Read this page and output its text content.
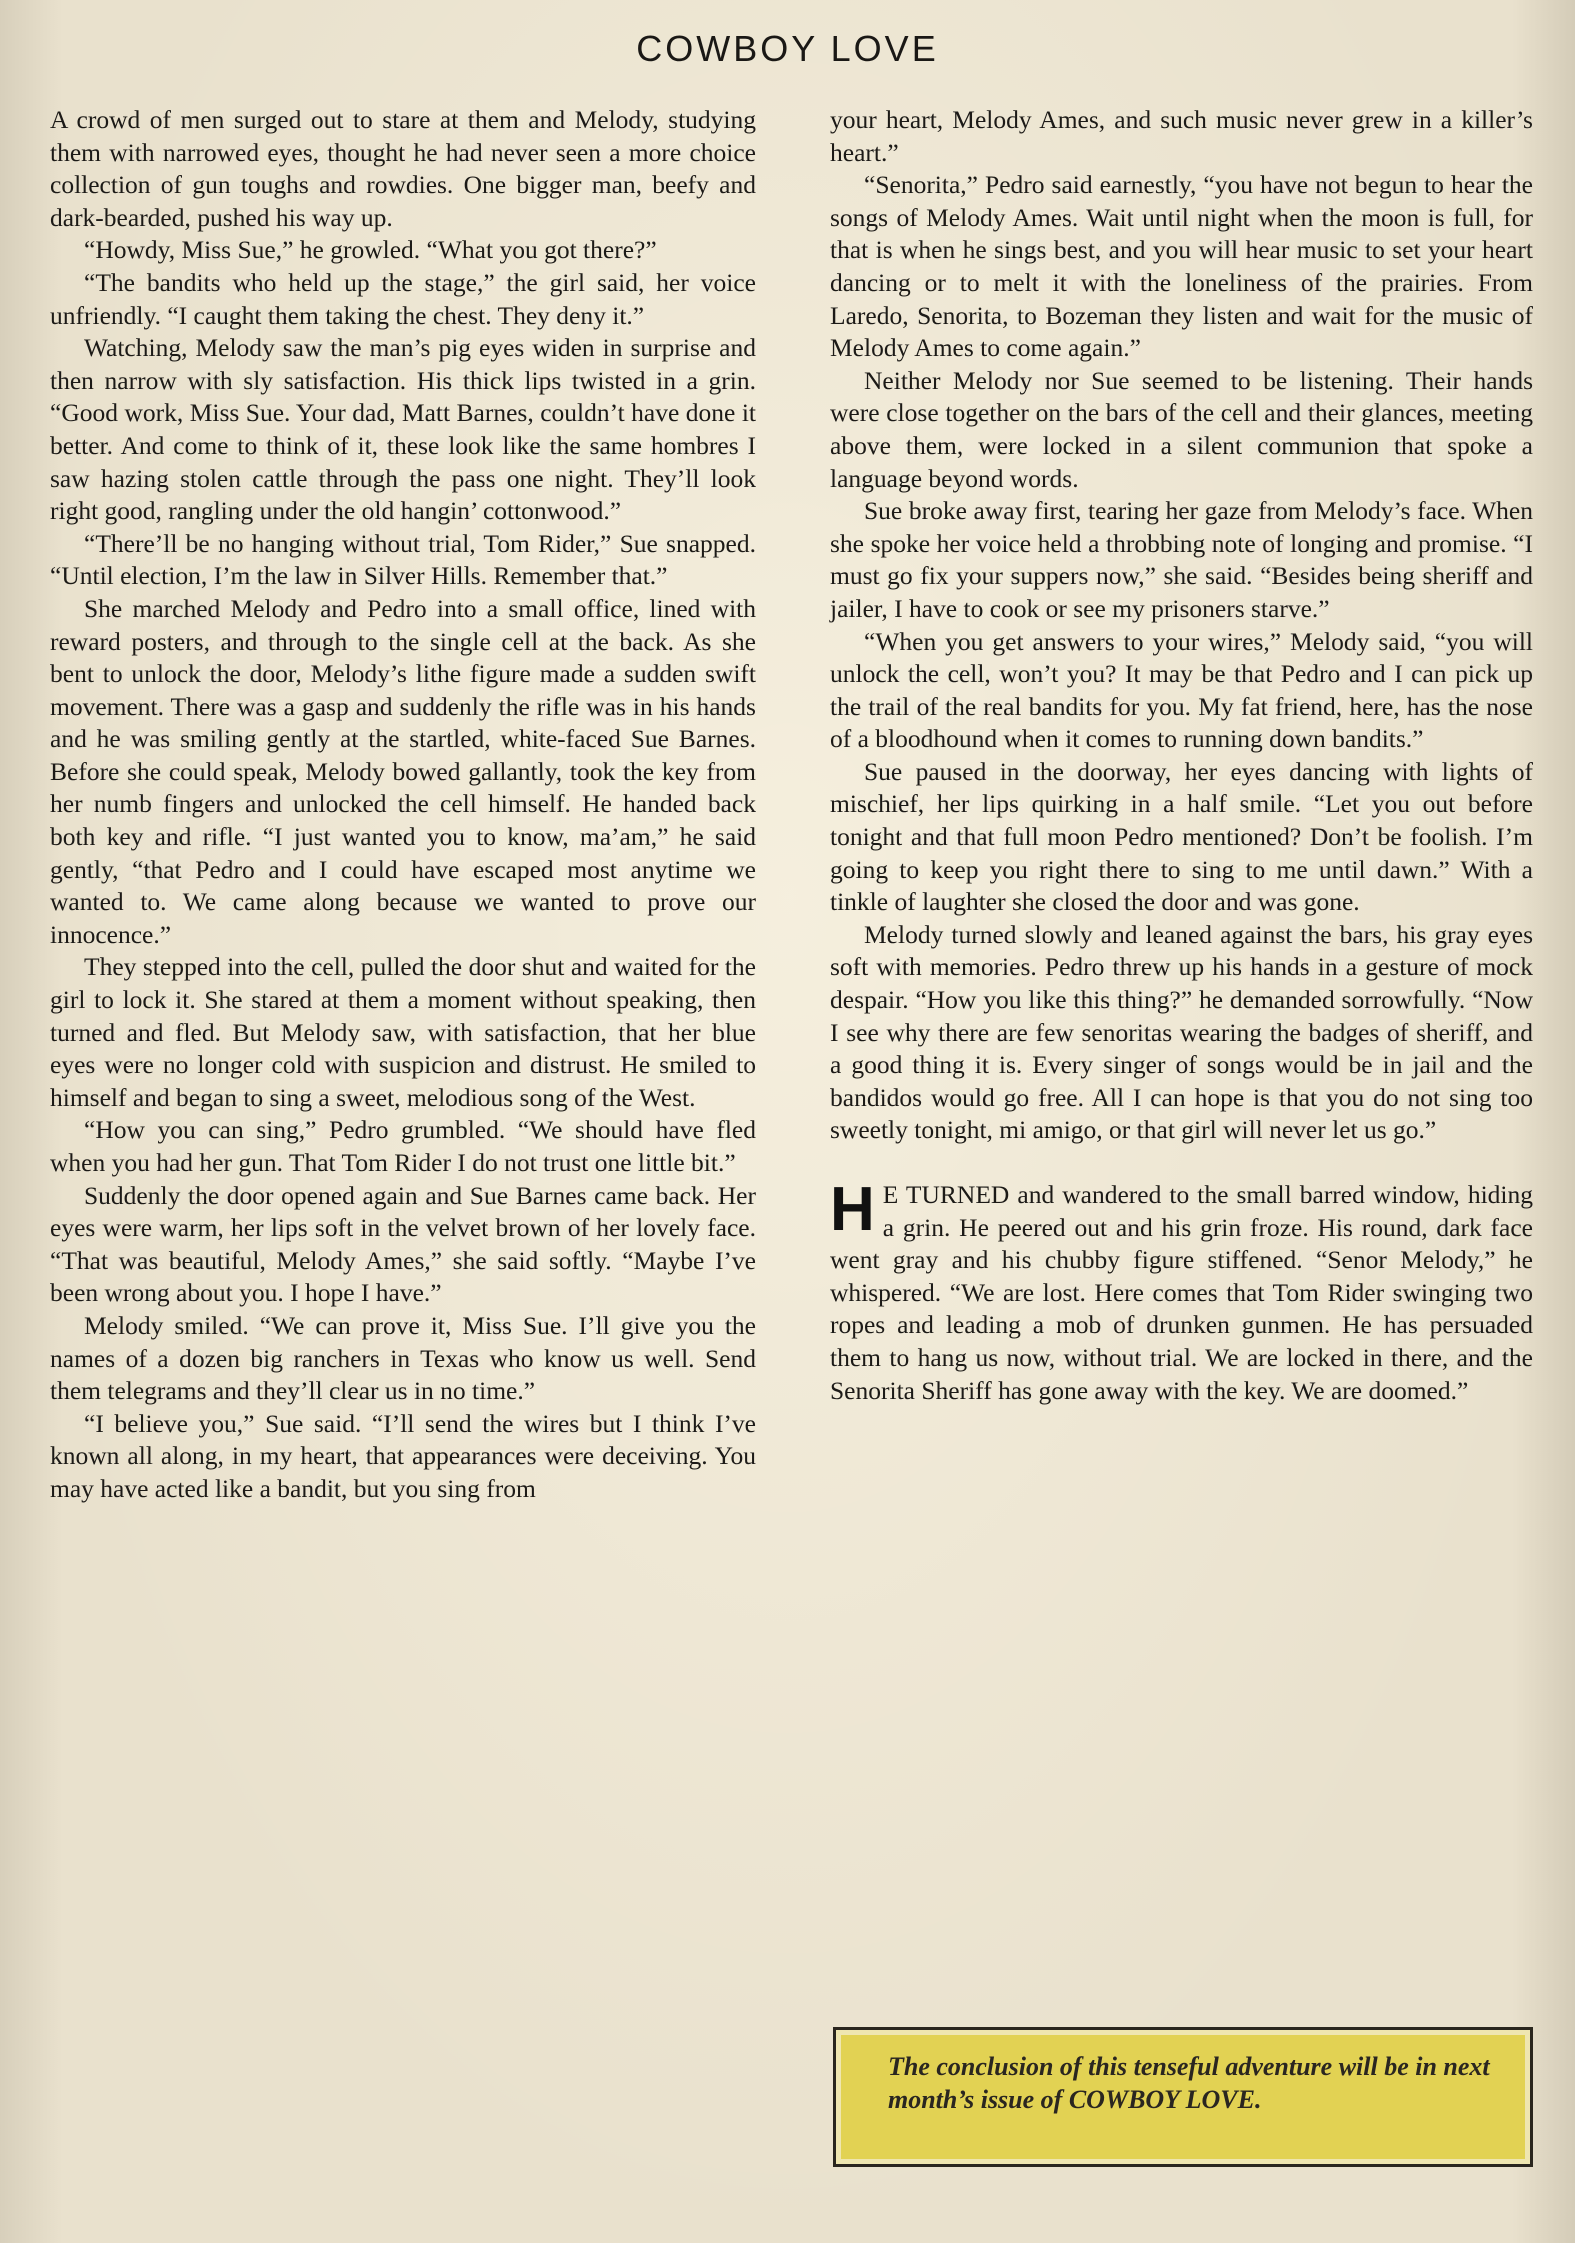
COWBOY LOVE

A crowd of men surged out to stare at them and Melody, studying them with narrowed eyes, thought he had never seen a more choice collection of gun toughs and rowdies. One bigger man, beefy and dark-bearded, pushed his way up.

“Howdy, Miss Sue,” he growled. “What you got there?”

“The bandits who held up the stage,” the girl said, her voice unfriendly. “I caught them taking the chest. They deny it.”

Watching, Melody saw the man’s pig eyes widen in surprise and then narrow with sly satisfaction. His thick lips twisted in a grin. “Good work, Miss Sue. Your dad, Matt Barnes, couldn’t have done it better. And come to think of it, these look like the same hombres I saw hazing stolen cattle through the pass one night. They’ll look right good, rangling under the old hangin’ cottonwood.”

“There’ll be no hanging without trial, Tom Rider,” Sue snapped. “Until election, I’m the law in Silver Hills. Remember that.”

She marched Melody and Pedro into a small office, lined with reward posters, and through to the single cell at the back. As she bent to unlock the door, Melody’s lithe figure made a sudden swift movement. There was a gasp and suddenly the rifle was in his hands and he was smiling gently at the startled, white-faced Sue Barnes. Before she could speak, Melody bowed gallantly, took the key from her numb fingers and unlocked the cell himself. He handed back both key and rifle. “I just wanted you to know, ma’am,” he said gently, “that Pedro and I could have escaped most anytime we wanted to. We came along because we wanted to prove our innocence.”

They stepped into the cell, pulled the door shut and waited for the girl to lock it. She stared at them a moment without speaking, then turned and fled. But Melody saw, with satisfaction, that her blue eyes were no longer cold with suspicion and distrust. He smiled to himself and began to sing a sweet, melodious song of the West.

“How you can sing,” Pedro grumbled. “We should have fled when you had her gun. That Tom Rider I do not trust one little bit.”

Suddenly the door opened again and Sue Barnes came back. Her eyes were warm, her lips soft in the velvet brown of her lovely face. “That was beautiful, Melody Ames,” she said softly. “Maybe I’ve been wrong about you. I hope I have.”

Melody smiled. “We can prove it, Miss Sue. I’ll give you the names of a dozen big ranchers in Texas who know us well. Send them telegrams and they’ll clear us in no time.”

“I believe you,” Sue said. “I’ll send the wires but I think I’ve known all along, in my heart, that appearances were deceiving. You may have acted like a bandit, but you sing from

your heart, Melody Ames, and such music never grew in a killer’s heart.”

“Senorita,” Pedro said earnestly, “you have not begun to hear the songs of Melody Ames. Wait until night when the moon is full, for that is when he sings best, and you will hear music to set your heart dancing or to melt it with the loneliness of the prairies. From Laredo, Senorita, to Bozeman they listen and wait for the music of Melody Ames to come again.”

Neither Melody nor Sue seemed to be listening. Their hands were close together on the bars of the cell and their glances, meeting above them, were locked in a silent communion that spoke a language beyond words.

Sue broke away first, tearing her gaze from Melody’s face. When she spoke her voice held a throbbing note of longing and promise. “I must go fix your suppers now,” she said. “Besides being sheriff and jailer, I have to cook or see my prisoners starve.”

“When you get answers to your wires,” Melody said, “you will unlock the cell, won’t you? It may be that Pedro and I can pick up the trail of the real bandits for you. My fat friend, here, has the nose of a bloodhound when it comes to running down bandits.”

Sue paused in the doorway, her eyes dancing with lights of mischief, her lips quirking in a half smile. “Let you out before tonight and that full moon Pedro mentioned? Don’t be foolish. I’m going to keep you right there to sing to me until dawn.” With a tinkle of laughter she closed the door and was gone.

Melody turned slowly and leaned against the bars, his gray eyes soft with memories. Pedro threw up his hands in a gesture of mock despair. “How you like this thing?” he demanded sorrowfully. “Now I see why there are few senoritas wearing the badges of sheriff, and a good thing it is. Every singer of songs would be in jail and the bandidos would go free. All I can hope is that you do not sing too sweetly tonight, mi amigo, or that girl will never let us go.”

H E TURNED and wandered to the small barred window, hiding a grin. He peered out and his grin froze. His round, dark face went gray and his chubby figure stiffened. “Senor Melody,” he whispered. “We are lost. Here comes that Tom Rider swinging two ropes and leading a mob of drunken gunmen. He has persuaded them to hang us now, without trial. We are locked in there, and the Senorita Sheriff has gone away with the key. We are doomed.”

The conclusion of this tenseful adventure will be in next month’s issue of COWBOY LOVE.
